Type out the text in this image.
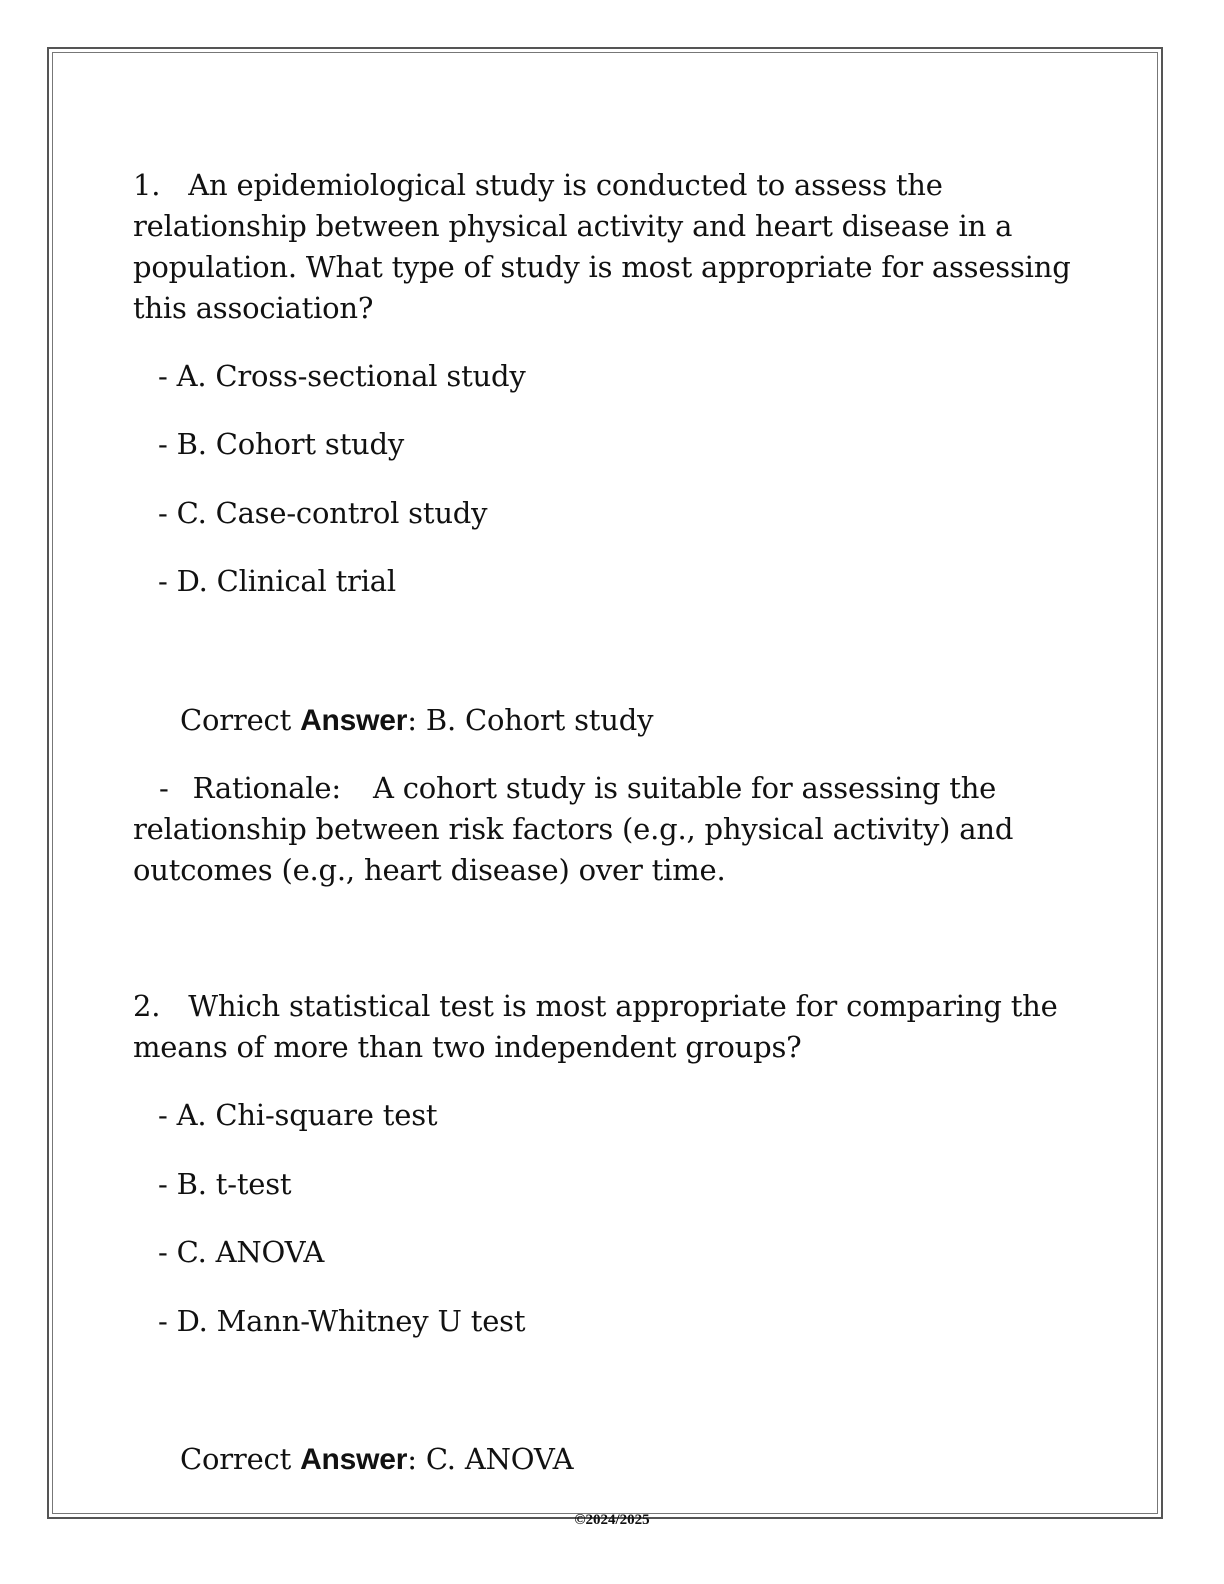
1. An epidemiological study is conducted to assess the
relationship between physical activity and heart disease in a
population. What type of study is most appropriate for assessing
this association?
- A. Cross-sectional study
- B. Cohort study
- C. Case-control study
- D. Clinical trial
Correct Answer: B. Cohort study
- Rationale: A cohort study is suitable for assessing the
relationship between risk factors (e.g., physical activity) and
outcomes (e.g., heart disease) over time.
2. Which statistical test is most appropriate for comparing the
means of more than two independent groups?
- A. Chi-square test
- B. t-test
- C. ANOVA
- D. Mann-Whitney U test
Correct Answer: C. ANOVA
©2024/2025
